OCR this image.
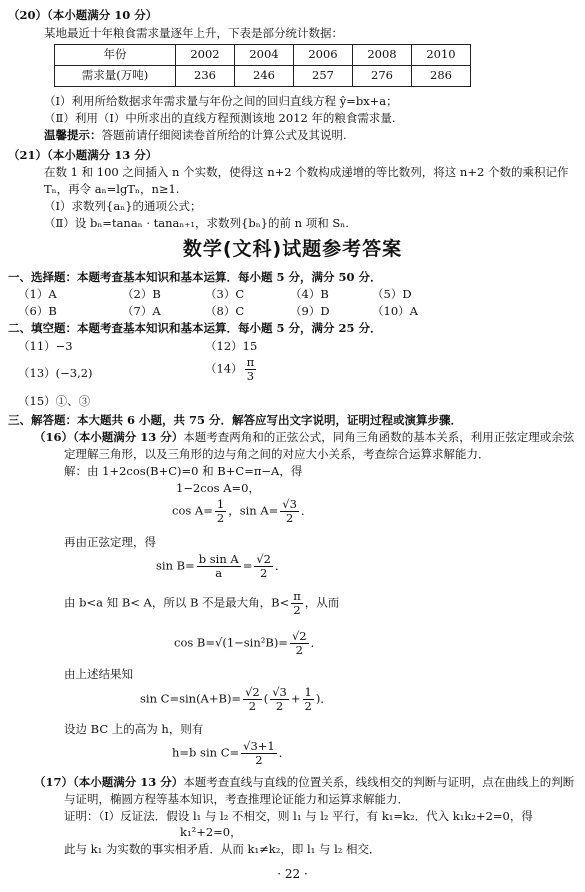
（20）（本小题满分 10 分）
某地最近十年粮食需求量逐年上升，下表是部分统计数据：
年份	2002	2004	2006	2008	2010
需求量(万吨)	236	246	257	276	286
（Ⅰ）利用所给数据求年需求量与年份之间的回归直线方程 ŷ=bx+a；
（Ⅱ）利用（Ⅰ）中所求出的直线方程预测该地 2012 年的粮食需求量.
温馨提示：答题前请仔细阅读卷首所给的计算公式及其说明.
（21）（本小题满分 13 分）
在数 1 和 100 之间插入 n 个实数，使得这 n+2 个数构成递增的等比数列，将这 n+2 个数的乘积记作
Tₙ，再令 aₙ=lgTₙ，n≥1.
（Ⅰ）求数列{aₙ}的通项公式；
（Ⅱ）设 bₙ=tanaₙ · tanaₙ₊₁，求数列{bₙ}的前 n 项和 Sₙ.
数学(文科)试题参考答案
一、选择题：本题考查基本知识和基本运算．每小题 5 分，满分 50 分．
（1）A	（2）B	（3）C	（4）B	（5）D
（6）B	（7）A	（8）C	（9）D	（10）A
二、填空题：本题考查基本知识和基本运算．每小题 5 分，满分 25 分．
（11）−3	（12）15
（13）(−3,2)	$(14) \frac{\pi}{3}$
（15）①、③
三、解答题：本大题共 6 小题，共 75 分．解答应写出文字说明，证明过程或演算步骤．
（16）（本小题满分 13 分）本题考查两角和的正弦公式，同角三角函数的基本关系，利用正弦定理或余弦
定理解三角形，以及三角形的边与角之间的对应大小关系，考查综合运算求解能力．
解：由 1+2cos(B+C)=0 和 B+C=π−A，得
1−2cos A=0，
$\cos A= \frac{1}{2}$ ，$\sin A= \frac{√3}{2}$ ．
再由正弦定理，得
$\sin B= \frac{\text{b sin A}}{a} = \frac{√2}{2}$ ．
由 b<a 知 B< A，所以 B 不是最大角，$B< \frac{\pi}{2}$ ，从而
$\cos B=√(1-\sin^2B)= \frac{√2}{2}$ ．
由上述结果知
$\sin C=\sin(A+B)= \frac{√2}{2}$ ( $\frac{√3}{2} + \frac{1}{2}$ )．
设边 BC 上的高为 h，则有
h=b $\sin C= \frac{√3+1}{2}$ ．
（17）（本小题满分 13 分）本题考查直线与直线的位置关系，线线相交的判断与证明，点在曲线上的判断
与证明，椭圆方程等基本知识，考查推理论证能力和运算求解能力．
证明：（Ⅰ）反证法．假设 l₁ 与 l₂ 不相交，则 l₁ 与 l₂ 平行，有 k₁=k₂．代入 k₁k₂+2=0，得
k₁²+2=0，
此与 k₁ 为实数的事实相矛盾．从而 k₁≠k₂，即 l₁ 与 l₂ 相交．
· 22 ·
